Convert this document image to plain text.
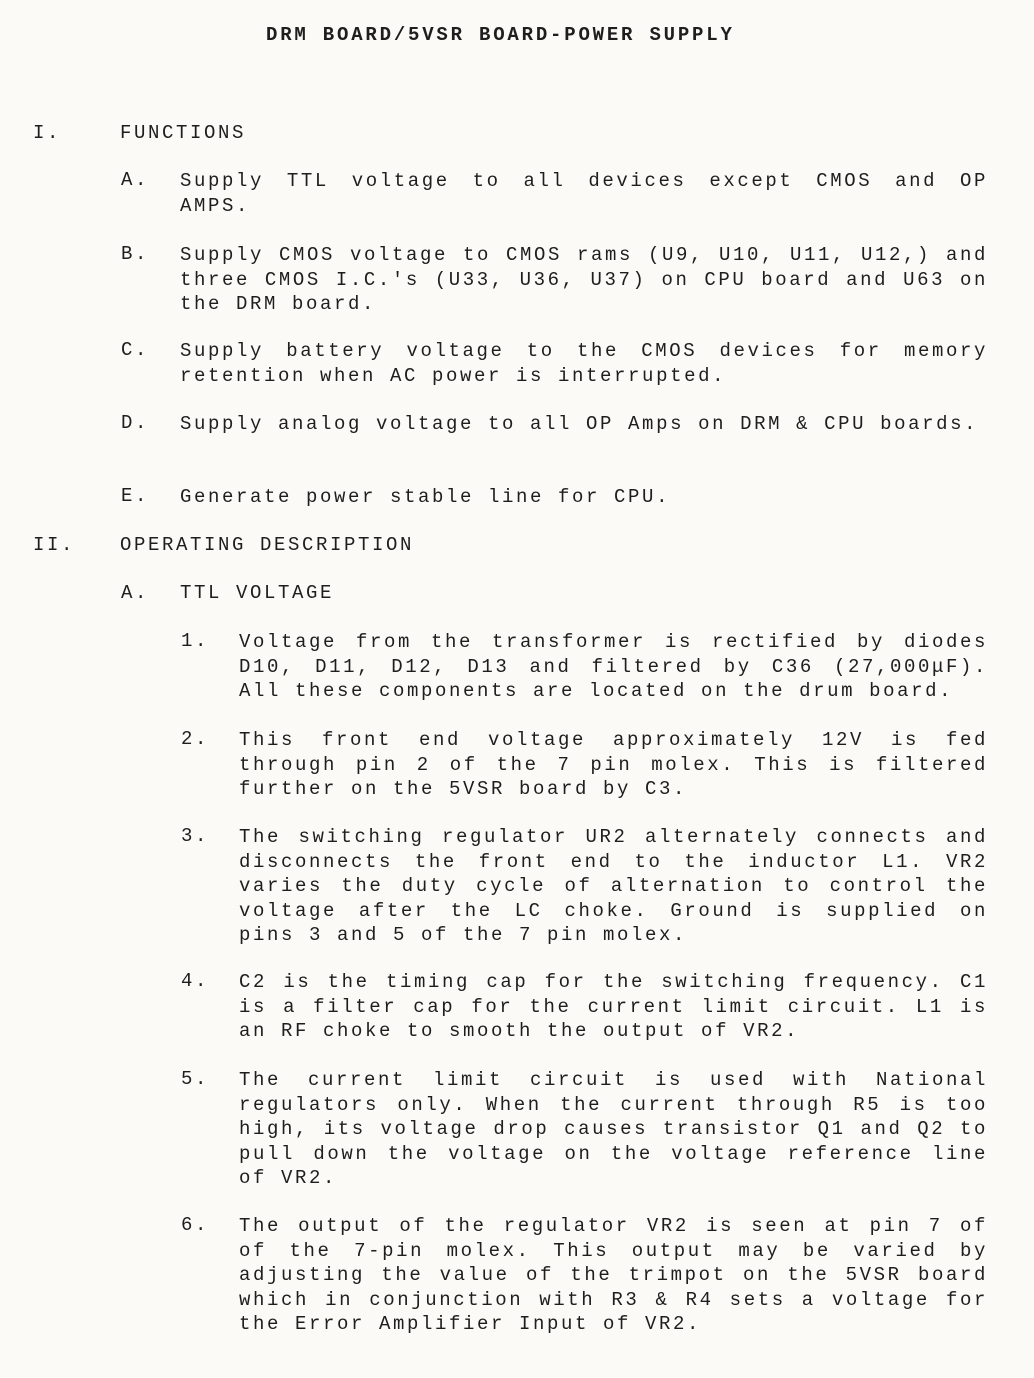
DRM BOARD/5VSR BOARD-POWER SUPPLY
I.	FUNCTIONS
A. Supply TTL voltage to all devices except CMOS and OP AMPS.
B. Supply CMOS voltage to CMOS rams (U9, U10, U11, U12,) and three CMOS I.C.'s (U33, U36, U37) on CPU board and U63 on the DRM board.
C. Supply battery voltage to the CMOS devices for memory retention when AC power is interrupted.
D. Supply analog voltage to all OP Amps on DRM & CPU boards.
E. Generate power stable line for CPU.
II. OPERATING DESCRIPTION
A. TTL VOLTAGE
1. Voltage from the transformer is rectified by diodes D10, D11, D12, D13 and filtered by C36 (27,000μF). All these components are located on the drum board.
2. This front end voltage approximately 12V is fed through pin 2 of the 7 pin molex. This is filtered further on the 5VSR board by C3.
3. The switching regulator UR2 alternately connects and disconnects the front end to the inductor L1. VR2 varies the duty cycle of alternation to control the voltage after the LC choke. Ground is supplied on pins 3 and 5 of the 7 pin molex.
4. C2 is the timing cap for the switching frequency. C1 is a filter cap for the current limit circuit. L1 is an RF choke to smooth the output of VR2.
5. The current limit circuit is used with National regulators only. When the current through R5 is too high, its voltage drop causes transistor Q1 and Q2 to pull down the voltage on the voltage reference line of VR2.
6. The output of the regulator VR2 is seen at pin 7 of of the 7-pin molex. This output may be varied by adjusting the value of the trimpot on the 5VSR board which in conjunction with R3 & R4 sets a voltage for the Error Amplifier Input of VR2.
